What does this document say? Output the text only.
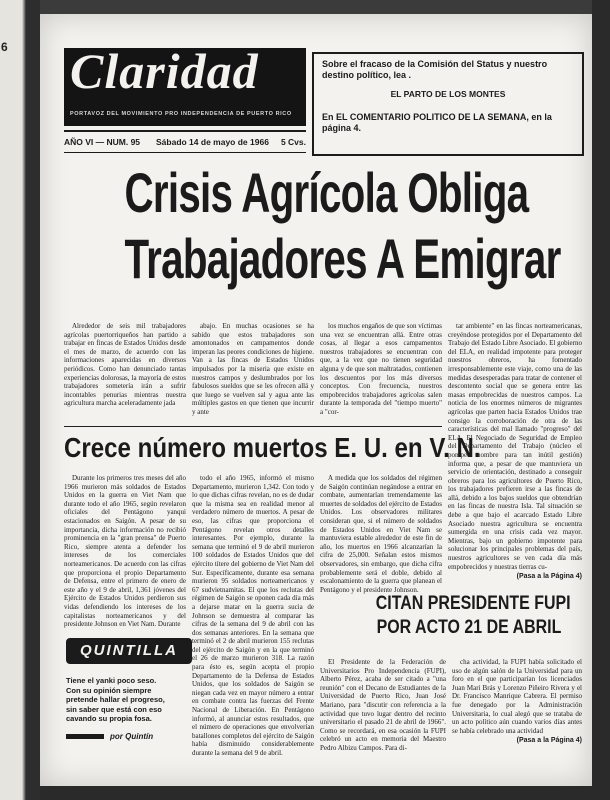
6 Claridad
PORTAVOZ DEL MOVIMIENTO PRO INDEPENDENCIA DE PUERTO RICO

Sobre el fracaso de la Comisión del Status y nuestro destino político, lea .

EL PARTO DE LOS MONTES

En EL COMENTARIO POLITICO DE LA SEMANA, en la página 4.

AÑO VI — NUM. 95 Sábado 14 de mayo de 1966 5 Cvs.
Crisis Agrícola Obliga
Trabajadores A Emigrar

Alrededor de seis mil trabajadores agrícolas puertorriqueños han partido a trabajar en fincas de Estados Unidos desde el mes de marzo, de acuerdo con las informaciones aparecidas en diversos periódicos. Como han denunciado tantas experiencias dolorosas, la mayoría de estos trabajadores sometería irán a sufrir incontables penurias mientras nuestra agricultura marcha aceleradamente jada

abajo. En muchas ocasiones se ha sabido que estos trabajadores son amontonados en campamentos donde imperan las peores condiciones de higiene. Van a las fincas de Estados Unidos impulsados por la miseria que existe en nuestros campos y deslumbrados por los fabulosos sueldos que se les ofrecen allá y que luego se vuelven sal y agua ante las múltiples gastos en que tienen que incurrir y ante

los muchos engaños de que son víctimas una vez se encuentran allá. Entre otras cosas, al llegar a esos campamentos nuestros trabajadores se encuentran con que, a la vez que no tienen seguridad alguna y de que son maltratados, contienen los descuentos por los más diversos conceptos. Con frecuencia, nuestros empobrecidos trabajadores agrícolas salen durante la temporada del "tiempo muerto" a "cor-

tar ambiente" en las fincas norteamericanas, creyéndose protegidos por el Departamento del Trabajo del Estado Libre Asociado. El gobierno del ELA, en realidad impotente para proteger nuestros obreros, ha fomentado irresponsablemente este viaje, como una de las medidas desesperadas para tratar de contener el descontento social que se genera entre las masas empobrecidas de nuestros campos. La noticia de los enormes números de migrantes agrícolas que parten hacia Estados Unidos trae consigo la corroboración de otra de las características del mal llamado "progreso" del ELA. El Negociado de Seguridad de Empleo del Departamento del Trabajo (núcleo el pompeo nombre para tan inútil gestión) informa que, a pesar de que mantuviera un servicio de orientación, destinado a conseguir obreros para los agricultores de Puerto Rico, los trabajadores prefieren irse a las fincas de allá, debido a los bajos sueldos que obtendrían en las fincas de nuestra Isla. Tal situación se debe a que bajo el acarcado Estado Libre Asociado nuestra agricultura se encuentra sumergida en una crisis cada vez mayor. Mientras, bajo un gobierno impotente para solucionar los principales problemas del país, nuestros agricultores se ven cada día más empobrecidos y nuestras tierras cu-

(Pasa a la Página 4)
Crece número muertos E. U. en V. N.

Durante los primeros tres meses del año 1966 murieron más soldados de Estados Unidos en la guerra en Viet Nam que durante todo el año 1965, según revelaron oficiales del Pentágono yanqui estacionados en Saigón. A pesar de su importancia, dicha información no recibió prominencia en la "gran prensa" de Puerto Rico, siempre atenta a defender los intereses de los comerciales norteamericanos. De acuerdo con las cifras que proporciona el propio Departamento de Defensa, entre el primero de enero de este año y el 9 de abril, 1,361 jóvenes del Ejército de Estados Unidos perdieron sus vidas defendiendo los intereses de los capitalistas norteamericanos y del presidente Johnson en Viet Nam. Durante

todo el año 1965, informó el mismo Departamento, murieron 1,342. Con todo y lo que dichas cifras revelan, no es de dudar que la misma sea en realidad menor al verdadero número de muertos. A pesar de eso, las cifras que proporciona el Pentágono revelan otros detalles interesantes. Por ejemplo, durante la semana que terminó el 9 de abril murieron 100 soldados de Estados Unidos que del ejército títere del gobierno de Viet Nam del Sur. Específicamente, durante esa semana murieron 95 soldados norteamericanos y 67 sudvietnamitas. El que los reclutas del régimen de Saigón se oponen cada día más a dejarse matar en la guerra sucia de Johnson se demuestra al comparar las cifras de la semana del 9 de abril con las dos semanas anteriores. En la semana que terminó el 2 de abril murieron 155 reclutas del ejército de Saigón y en la que terminó el 26 de marzo murieron 318. La razón para ésto es, según acepta el propio Departamento de la Defensa de Estados Unidos, que los soldados de Saigón se niegan cada vez en mayor número a entrar en combate contra las fuerzas del Frente Nacional de Liberación. En Pentágono informó, al anunciar estos resultados, que el número de operaciones que envolverían batallones completos del ejército de Saigón había disminuido considerablemente durante la semana del 9 de abril.

A medida que los soldados del régimen de Saigón continúan negándose a entrar en combate, aumentarían tremendamente las muertes de soldados del ejército de Estados Unidos. Los observadores militares consideran que, si el número de soldados de Estados Unidos en Viet Nam se mantuviera estable alrededor de este fin de año, los muertos en 1966 alcanzarían la cifra de 25,000. Señalan estos mismos observadores, sin embargo, que dicha cifra probablemente será el doble, debido al escalonamiento de la guerra que planean el Pentágono y el presidente Johnson.

CITAN PRESIDENTE FUPI
POR ACTO 21 DE ABRIL

El Presidente de la Federación de Universitarios Pro Independencia (FUPI), Alberto Pérez, acaba de ser citado a "una reunión" con el Decano de Estudiantes de la Universidad de Puerto Rico, Juan José Mariano, para "discutir con referencia a la actividad que tuvo lugar dentro del recinto universitario el pasado 21 de abril de 1966". Como se recordará, en esa ocasión la FUPI celebró un acto en memoria del Maestro Pedro Albizu Campos. Para di-

cha actividad, la FUPI había solicitado el uso de algún salón de la Universidad para un foro en el que participarían los licenciados Juan Mari Brás y Lorenzo Piñeiro Rivera y el Dr. Francisco Manrique Cabrera. El permiso fue denegado por la Administración Universitaria, lo cual alegó que se trataba de un acto político aún cuando varios días antes se había celebrado una actividad

(Pasa a la Página 4)
QUINTILLA
Tiene el yanki poco seso.
Con su opinión siempre
pretende hallar el progreso,
sin saber que está con eso
cavando su propia fosa.
por Quintín
